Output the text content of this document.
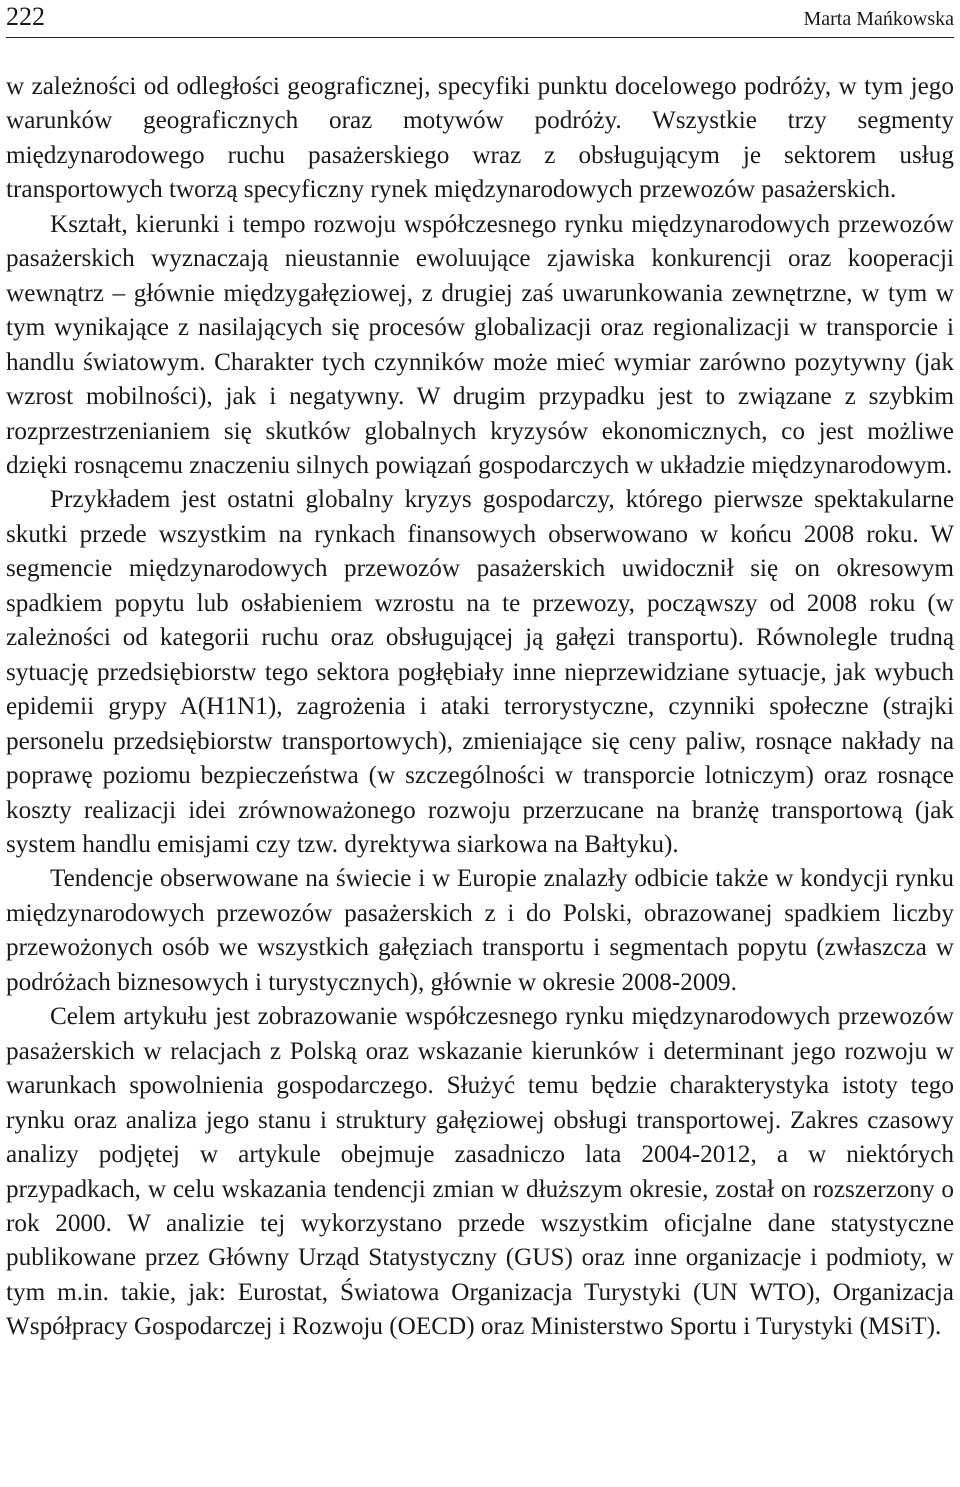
222	Marta Mańkowska

w zależności od odległości geograficznej, specyfiki punktu docelowego podróży, w tym jego warunków geograficznych oraz motywów podróży. Wszystkie trzy segmenty międzynarodowego ruchu pasażerskiego wraz z obsługującym je sektorem usług transportowych tworzą specyficzny rynek międzynarodowych przewozów pasażerskich.

Kształt, kierunki i tempo rozwoju współczesnego rynku międzynarodowych przewozów pasażerskich wyznaczają nieustannie ewoluujące zjawiska konkurencji oraz kooperacji wewnątrz – głównie międzygałęziowej, z drugiej zaś uwarunkowania zewnętrzne, w tym w tym wynikające z nasilających się procesów globalizacji oraz regionalizacji w transporcie i handlu światowym. Charakter tych czynników może mieć wymiar zarówno pozytywny (jak wzrost mobilności), jak i negatywny. W drugim przypadku jest to związane z szybkim rozprzestrzenianiem się skutków globalnych kryzysów ekonomicznych, co jest możliwe dzięki rosnącemu znaczeniu silnych powiązań gospodarczych w układzie międzynarodowym.

Przykładem jest ostatni globalny kryzys gospodarczy, którego pierwsze spektakularne skutki przede wszystkim na rynkach finansowych obserwowano w końcu 2008 roku. W segmencie międzynarodowych przewozów pasażerskich uwidocznił się on okresowym spadkiem popytu lub osłabieniem wzrostu na te przewozy, począwszy od 2008 roku (w zależności od kategorii ruchu oraz obsługującej ją gałęzi transportu). Równolegle trudną sytuację przedsiębiorstw tego sektora pogłębiały inne nieprzewidziane sytuacje, jak wybuch epidemii grypy A(H1N1), zagrożenia i ataki terrorystyczne, czynniki społeczne (strajki personelu przedsiębiorstw transportowych), zmieniające się ceny paliw, rosnące nakłady na poprawę poziomu bezpieczeństwa (w szczególności w transporcie lotniczym) oraz rosnące koszty realizacji idei zrównoważonego rozwoju przerzucane na branżę transportową (jak system handlu emisjami czy tzw. dyrektywa siarkowa na Bałtyku).

Tendencje obserwowane na świecie i w Europie znalazły odbicie także w kondycji rynku międzynarodowych przewozów pasażerskich z i do Polski, obrazowanej spadkiem liczby przewożonych osób we wszystkich gałęziach transportu i segmentach popytu (zwłaszcza w podróżach biznesowych i turystycznych), głównie w okresie 2008-2009.

Celem artykułu jest zobrazowanie współczesnego rynku międzynarodowych przewozów pasażerskich w relacjach z Polską oraz wskazanie kierunków i determinant jego rozwoju w warunkach spowolnienia gospodarczego. Służyć temu będzie charakterystyka istoty tego rynku oraz analiza jego stanu i struktury gałęziowej obsługi transportowej. Zakres czasowy analizy podjętej w artykule obejmuje zasadniczo lata 2004-2012, a w niektórych przypadkach, w celu wskazania tendencji zmian w dłuższym okresie, został on rozszerzony o rok 2000. W analizie tej wykorzystano przede wszystkim oficjalne dane statystyczne publikowane przez Główny Urząd Statystyczny (GUS) oraz inne organizacje i podmioty, w tym m.in. takie, jak: Eurostat, Światowa Organizacja Turystyki (UN WTO), Organizacja Współpracy Gospodarczej i Rozwoju (OECD) oraz Ministerstwo Sportu i Turystyki (MSiT).
